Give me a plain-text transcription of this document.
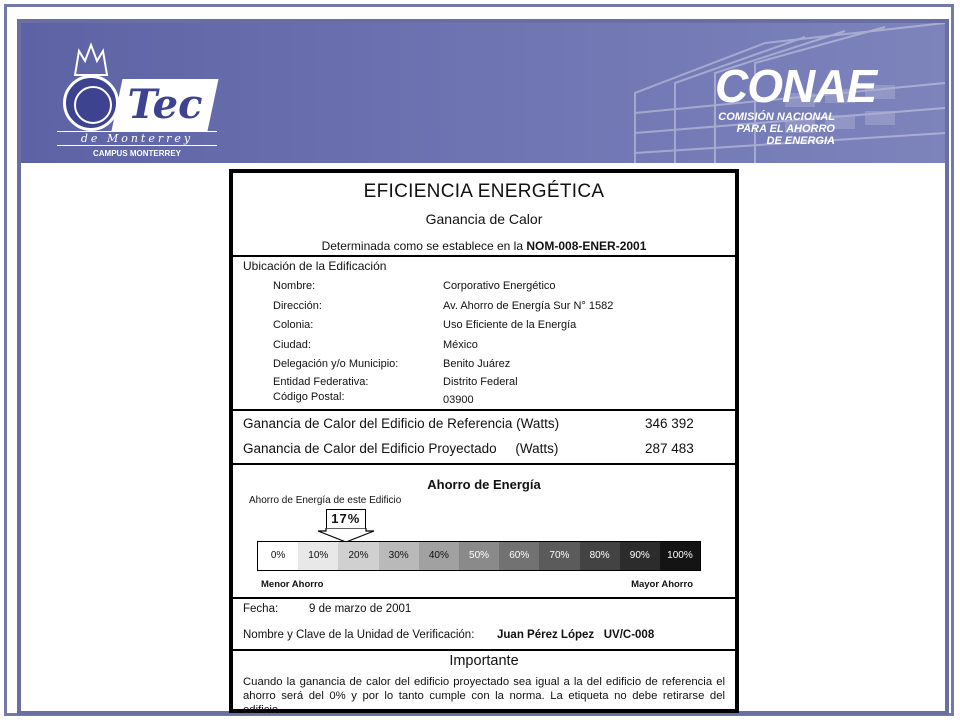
Tec
de Monterrey
CAMPUS MONTERREY
CONAE
COMISIÓN NACIONAL
PARA EL AHORRO
DE ENERGIA
EFICIENCIA ENERGÉTICA
Ganancia de Calor
Determinada como se establece en la NOM-008-ENER-2001
Ubicación de la Edificación
Nombre:	Corporativo Energético
Dirección:	Av. Ahorro de Energía Sur N° 1582
Colonia:	Uso Eficiente de la Energía
Ciudad:	México
Delegación y/o Municipio:	Benito Juárez
Entidad Federativa:	Distrito Federal
Código Postal:	03900
Ganancia de Calor del Edificio de Referencia (Watts)	346 392
Ganancia de Calor del Edificio Proyectado     (Watts)	287 483
Ahorro de Energía
Ahorro de Energía de este Edificio
17%
0%	10%	20%	30%	40%	50%	60%	70%	80%	90%	100%
Menor Ahorro	Mayor Ahorro
Fecha:	9 de marzo de 2001
Nombre y Clave de la Unidad de Verificación: Juan Pérez López   UV/C-008
Importante
Cuando la ganancia de calor del edificio proyectado sea igual a la del edificio de referencia el ahorro será del 0% y por lo tanto cumple con la norma. La etiqueta no debe retirarse del edificio.
